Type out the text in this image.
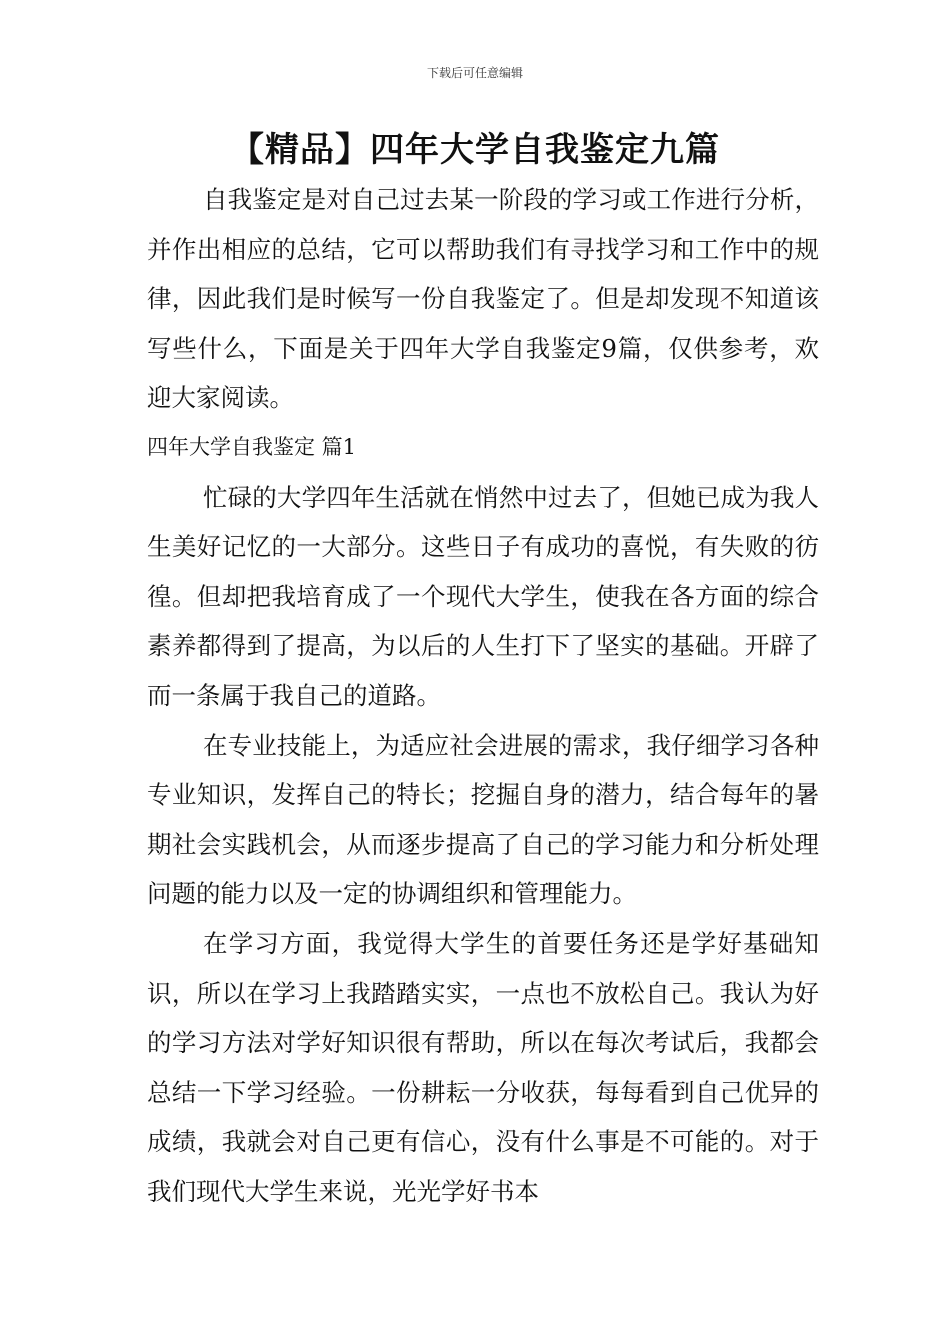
下载后可任意编辑
【精品】四年大学自我鉴定九篇

自我鉴定是对自己过去某一阶段的学习或工作进行分析，并作出相应的总结，它可以帮助我们有寻找学习和工作中的规律，因此我们是时候写一份自我鉴定了。但是却发现不知道该写些什么，下面是关于四年大学自我鉴定9篇，仅供参考，欢迎大家阅读。

四年大学自我鉴定 篇1

忙碌的大学四年生活就在悄然中过去了，但她已成为我人生美好记忆的一大部分。这些日子有成功的喜悦，有失败的彷徨。但却把我培育成了一个现代大学生，使我在各方面的综合素养都得到了提高，为以后的人生打下了坚实的基础。开辟了而一条属于我自己的道路。

在专业技能上，为适应社会进展的需求，我仔细学习各种专业知识，发挥自己的特长；挖掘自身的潜力，结合每年的暑期社会实践机会，从而逐步提高了自己的学习能力和分析处理问题的能力以及一定的协调组织和管理能力。

在学习方面，我觉得大学生的首要任务还是学好基础知识，所以在学习上我踏踏实实，一点也不放松自己。我认为好的学习方法对学好知识很有帮助，所以在每次考试后，我都会总结一下学习经验。一份耕耘一分收获，每每看到自己优异的成绩，我就会对自己更有信心，没有什么事是不可能的。对于我们现代大学生来说，光光学好书本
